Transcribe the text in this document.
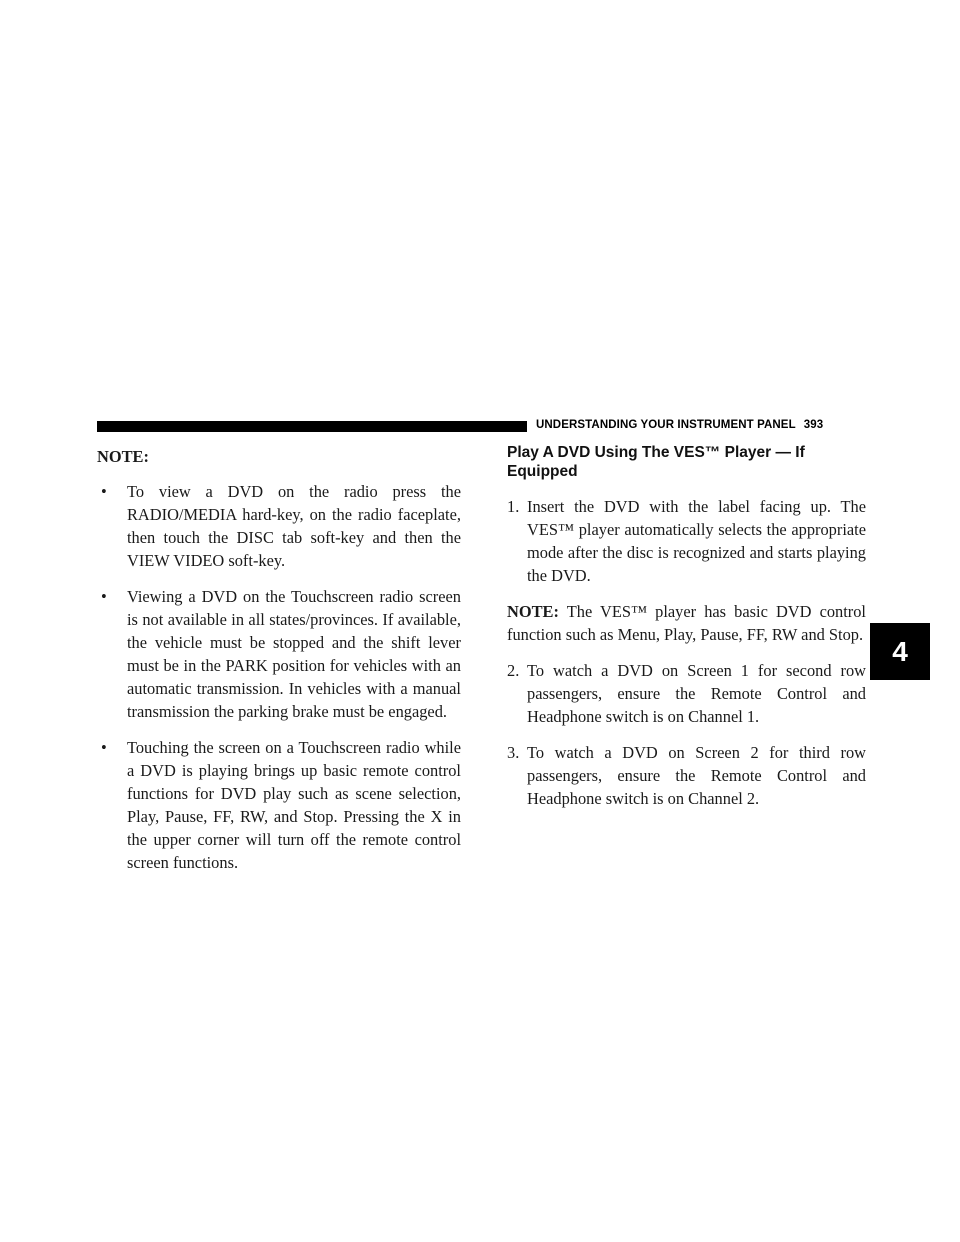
UNDERSTANDING YOUR INSTRUMENT PANEL 393
4

NOTE:

• To view a DVD on the radio press the RADIO/MEDIA hard-key, on the radio faceplate, then touch the DISC tab soft-key and then the VIEW VIDEO soft-key.
• Viewing a DVD on the Touchscreen radio screen is not available in all states/provinces. If available, the vehicle must be stopped and the shift lever must be in the PARK position for vehicles with an automatic transmission. In vehicles with a manual transmission the parking brake must be engaged.
• Touching the screen on a Touchscreen radio while a DVD is playing brings up basic remote control functions for DVD play such as scene selection, Play, Pause, FF, RW, and Stop. Pressing the X in the upper corner will turn off the remote control screen functions.
Play A DVD Using The VES™ Player — If Equipped
1. Insert the DVD with the label facing up. The VES™ player automatically selects the appropriate mode after the disc is recognized and starts playing the DVD.

NOTE: The VES™ player has basic DVD control function such as Menu, Play, Pause, FF, RW and Stop.

2. To watch a DVD on Screen 1 for second row passengers, ensure the Remote Control and Headphone switch is on Channel 1.
3. To watch a DVD on Screen 2 for third row passengers, ensure the Remote Control and Headphone switch is on Channel 2.
